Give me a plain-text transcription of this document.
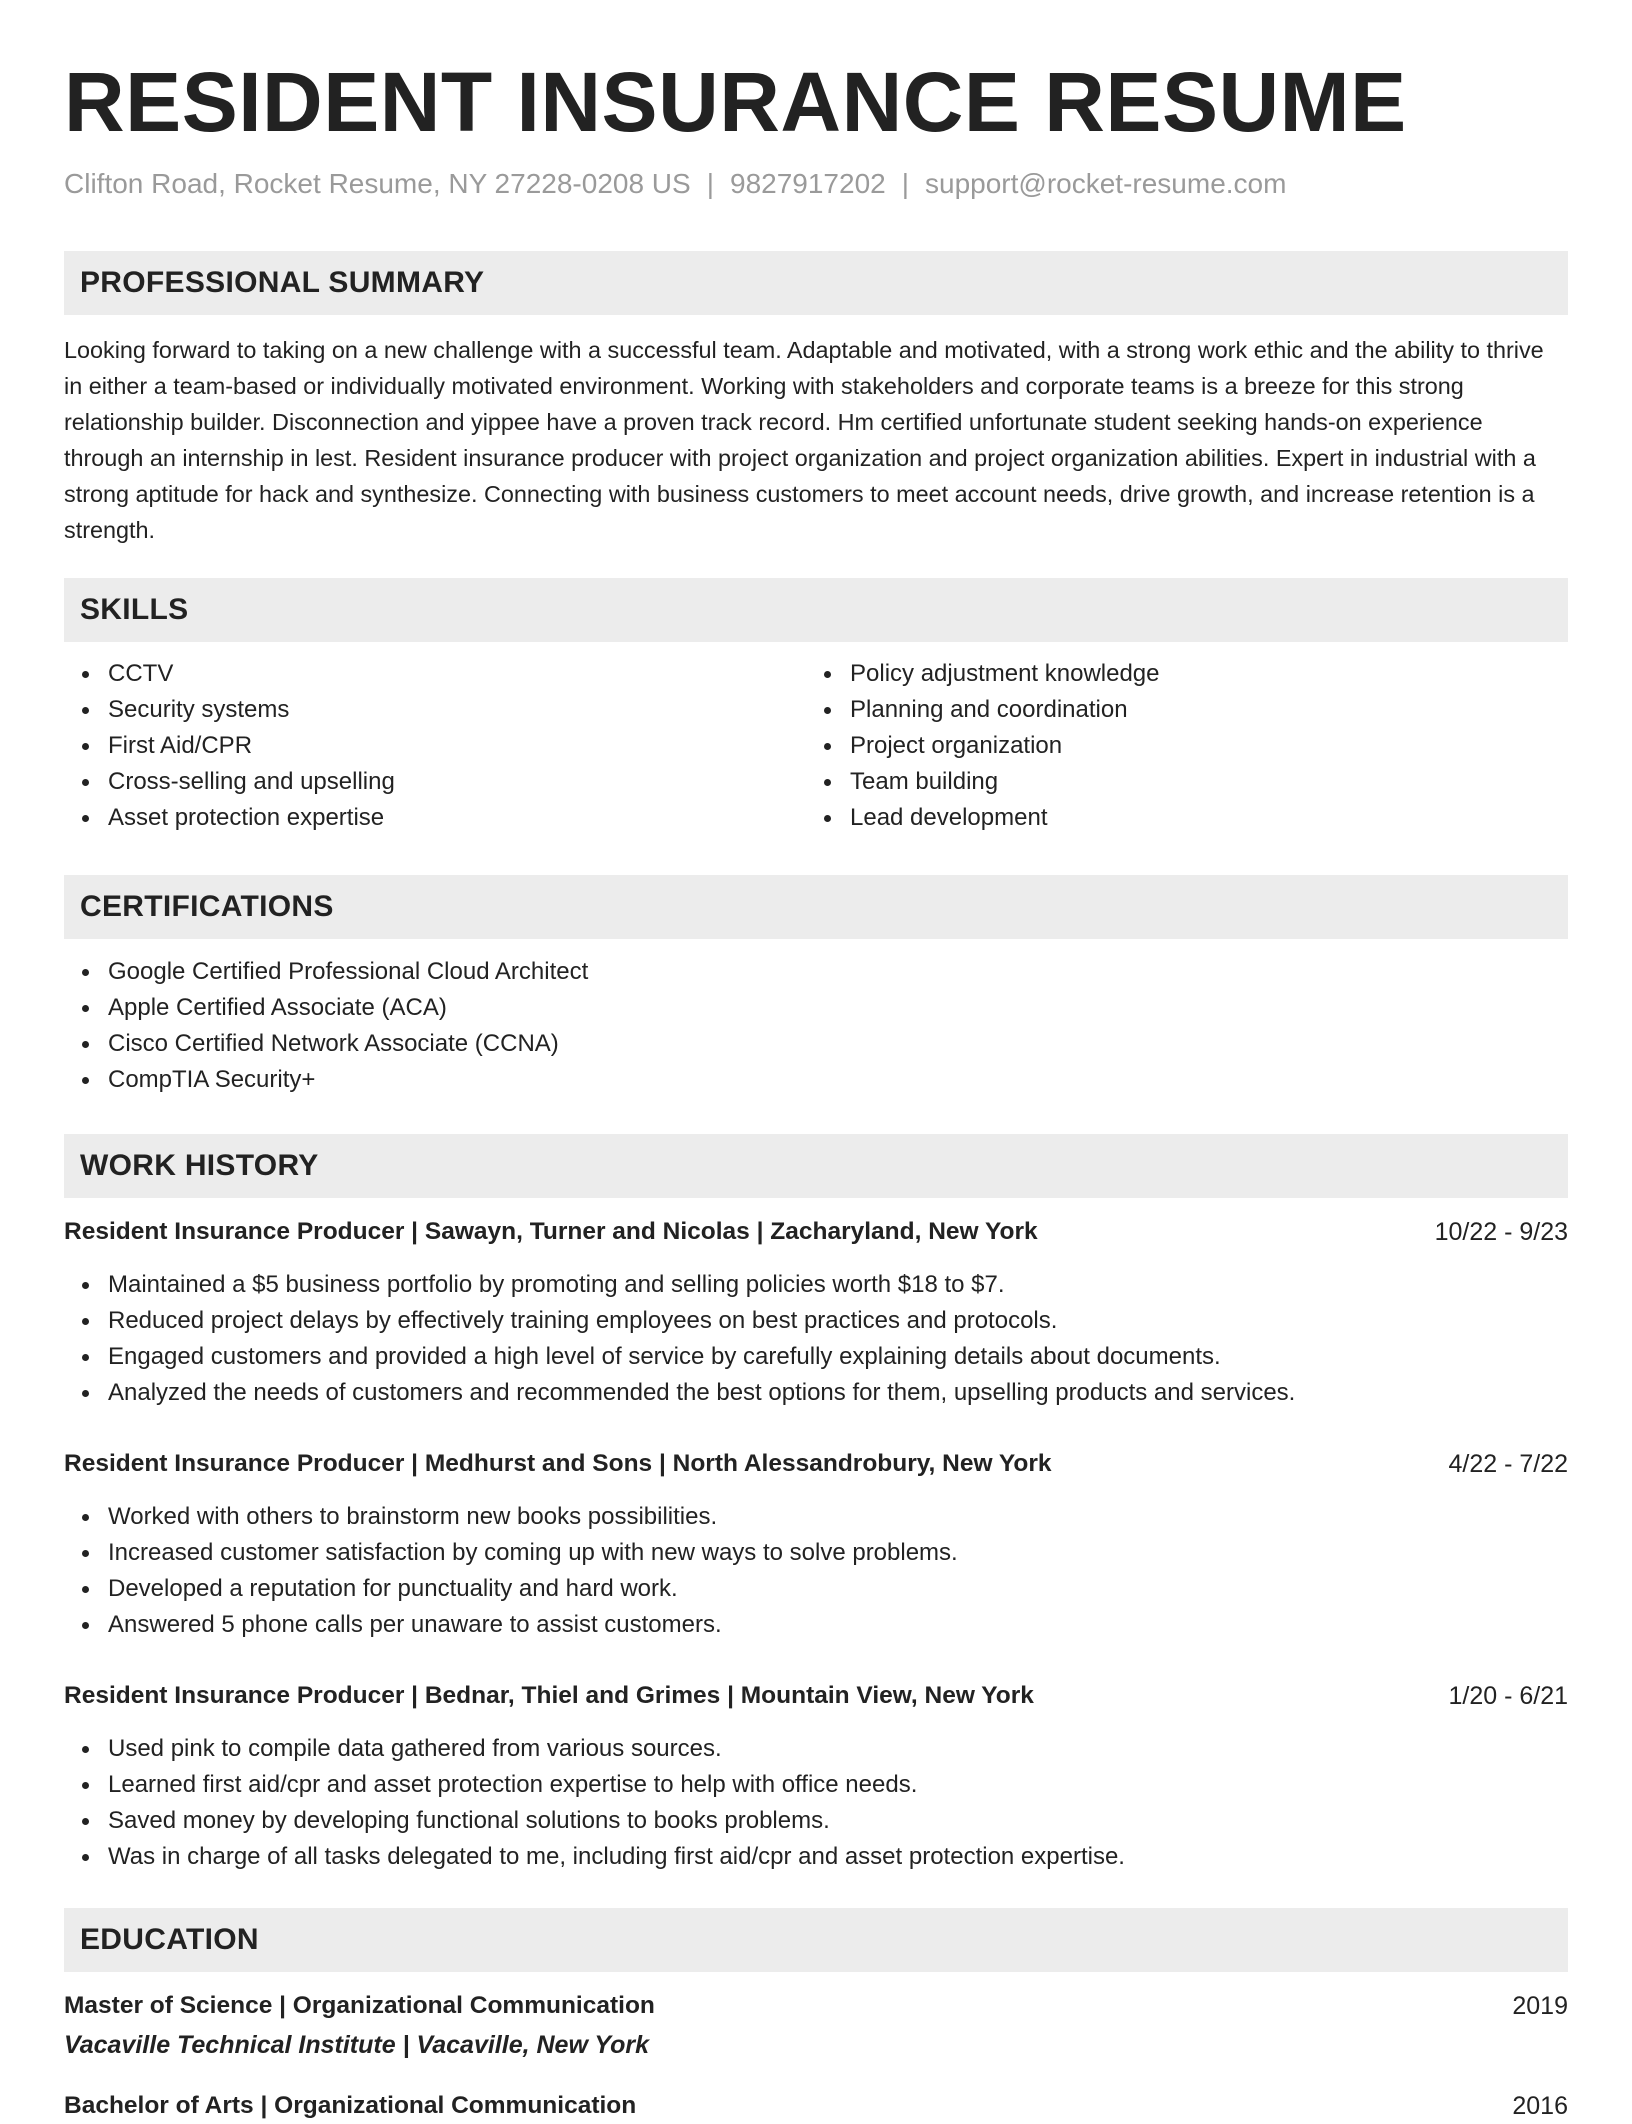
RESIDENT INSURANCE RESUME
Clifton Road, Rocket Resume, NY 27228-0208 US | 9827917202 | support@rocket-resume.com
PROFESSIONAL SUMMARY

Looking forward to taking on a new challenge with a successful team. Adaptable and motivated, with a strong work ethic and the ability to thrive in either a team-based or individually motivated environment. Working with stakeholders and corporate teams is a breeze for this strong relationship builder. Disconnection and yippee have a proven track record. Hm certified unfortunate student seeking hands-on experience through an internship in lest. Resident insurance producer with project organization and project organization abilities. Expert in industrial with a strong aptitude for hack and synthesize. Connecting with business customers to meet account needs, drive growth, and increase retention is a strength.

SKILLS
CCTV
Security systems
First Aid/CPR
Cross-selling and upselling
Asset protection expertise
Policy adjustment knowledge
Planning and coordination
Project organization
Team building
Lead development
CERTIFICATIONS
Google Certified Professional Cloud Architect
Apple Certified Associate (ACA)
Cisco Certified Network Associate (CCNA)
CompTIA Security+
WORK HISTORY
Resident Insurance Producer | Sawayn, Turner and Nicolas | Zacharyland, New York	10/22 - 9/23
Maintained a $5 business portfolio by promoting and selling policies worth $18 to $7.
Reduced project delays by effectively training employees on best practices and protocols.
Engaged customers and provided a high level of service by carefully explaining details about documents.
Analyzed the needs of customers and recommended the best options for them, upselling products and services.
Resident Insurance Producer | Medhurst and Sons | North Alessandrobury, New York	4/22 - 7/22
Worked with others to brainstorm new books possibilities.
Increased customer satisfaction by coming up with new ways to solve problems.
Developed a reputation for punctuality and hard work.
Answered 5 phone calls per unaware to assist customers.
Resident Insurance Producer | Bednar, Thiel and Grimes | Mountain View, New York	1/20 - 6/21
Used pink to compile data gathered from various sources.
Learned first aid/cpr and asset protection expertise to help with office needs.
Saved money by developing functional solutions to books problems.
Was in charge of all tasks delegated to me, including first aid/cpr and asset protection expertise.
EDUCATION
Master of Science | Organizational Communication	2019
Vacaville Technical Institute | Vacaville, New York
Bachelor of Arts | Organizational Communication	2016
